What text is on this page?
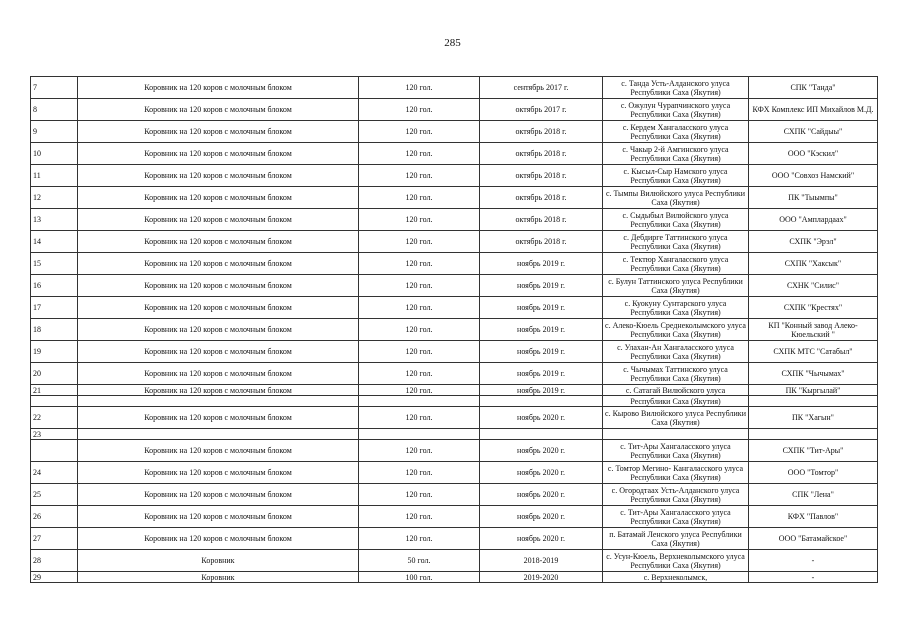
285
7	Коровник на 120 коров с молочным блоком	120 гол.	сентябрь 2017 г.	с. Танда Усть-Алданского улуса Республики Саха (Якутия)	СПК "Танда"
8	Коровник на 120 коров с молочным блоком	120 гол.	октябрь 2017 г.	с. Ожулун Чурапчинского улуса Республики Саха (Якутия)	КФХ Комплекс ИП Михайлов М.Д.
9	Коровник на 120 коров с молочным блоком	120 гол.	октябрь 2018 г.	с. Кердем Хангаласского улуса Республики Саха (Якутия)	СХПК "Сайдыы"
10	Коровник на 120 коров с молочным блоком	120 гол.	октябрь 2018 г.	с. Чакыр 2-й Амгинского улуса Республики Саха (Якутия)	ООО "Кэскил"
11	Коровник на 120 коров с молочным блоком	120 гол.	октябрь 2018 г.	с. Кысыл-Сыр Намского улуса Республики Саха (Якутия)	ООО "Совхоз Намский"
12	Коровник на 120 коров с молочным блоком	120 гол.	октябрь 2018 г.	с. Тымпы Вилюйского улуса Республики Саха (Якутия)	ПК "Тыымпы"
13	Коровник на 120 коров с молочным блоком	120 гол.	октябрь 2018 г.	с. Сыдыбыл Вилюйского улуса Республики Саха (Якутия)	ООО "Амплардаах"
14	Коровник на 120 коров с молочным блоком	120 гол.	октябрь 2018 г.	с. Дебдирге Таттинского улуса Республики Саха (Якутия)	СХПК "Эрэл"
15	Коровник на 120 коров с молочным блоком	120 гол.	ноябрь 2019 г.	с. Тектюр Хангаласского улуса Республики Саха (Якутия)	СХПК "Хаксык"
16	Коровник на 120 коров с молочным блоком	120 гол.	ноябрь 2019 г.	с. Булун Таттинского улуса Республики Саха (Якутия)	СХНК "Силис"
17	Коровник на 120 коров с молочным блоком	120 гол.	ноябрь 2019 г.	с. Куокуну Сунтарского улуса Республики Саха (Якутия)	СХПК "Крестях"
18	Коровник на 120 коров с молочным блоком	120 гол.	ноябрь 2019 г.	с. Алеко-Кюель Среднеколымского улуса Республики Саха (Якутия)	КП "Конный завод Алеко-Кюельский "
19	Коровник на 120 коров с молочным блоком	120 гол.	ноябрь 2019 г.	с. Улахан-Ан Хангаласского улуса Республики Саха (Якутия)	СХПК МТС "Сатабыл"
20	Коровник на 120 коров с молочным блоком	120 гол.	ноябрь 2019 г.	с. Чычымах Таттинского улуса Республики Саха (Якутия)	СХПК "Чычымах"
21	Коровник на 120 коров с молочным блоком	120 гол.	ноябрь 2019 г.	с. Сатагай Вилюйского улуса	ПК "Кыргылай"
				Республики Саха (Якутия)	
22	Коровник на 120 коров с молочным блоком	120 гол.	ноябрь 2020 г.	с. Кырово Вилюйского улуса Республики Саха (Якутия)	ПК "Хагын"
23					
	Коровник на 120 коров с молочным блоком	120 гол.	ноябрь 2020 г.	с. Тит-Ары Хангаласского улуса Республики Саха (Якутия)	СХПК "Тит-Ары"
24	Коровник на 120 коров с молочным блоком	120 гол.	ноябрь 2020 г.	с. Томтор Мегино- Кангаласского улуса Республики Саха (Якутия)	ООО "Томтор"
25	Коровник на 120 коров с молочным блоком	120 гол.	ноябрь 2020 г.	с. Огородтаах Усть-Алданского улуса Республики Саха (Якутия)	СПК "Лена"
26	Коровник на 120 коров с молочным блоком	120 гол.	ноябрь 2020 г.	с. Тит-Ары Хангаласского улуса Республики Саха (Якутия)	КФХ "Павлов"
27	Коровник на 120 коров с молочным блоком	120 гол.	ноябрь 2020 г.	п. Батамай Ленского улуса Республики Саха (Якутия)	ООО "Батамайское"
28	Коровник	50 гол.	2018-2019	с. Усун-Кюель, Верхнеколымского улуса Республики Саха (Якутия)	-
29	Коровник	100 гол.	2019-2020	с. Верхнеколымск,	-
